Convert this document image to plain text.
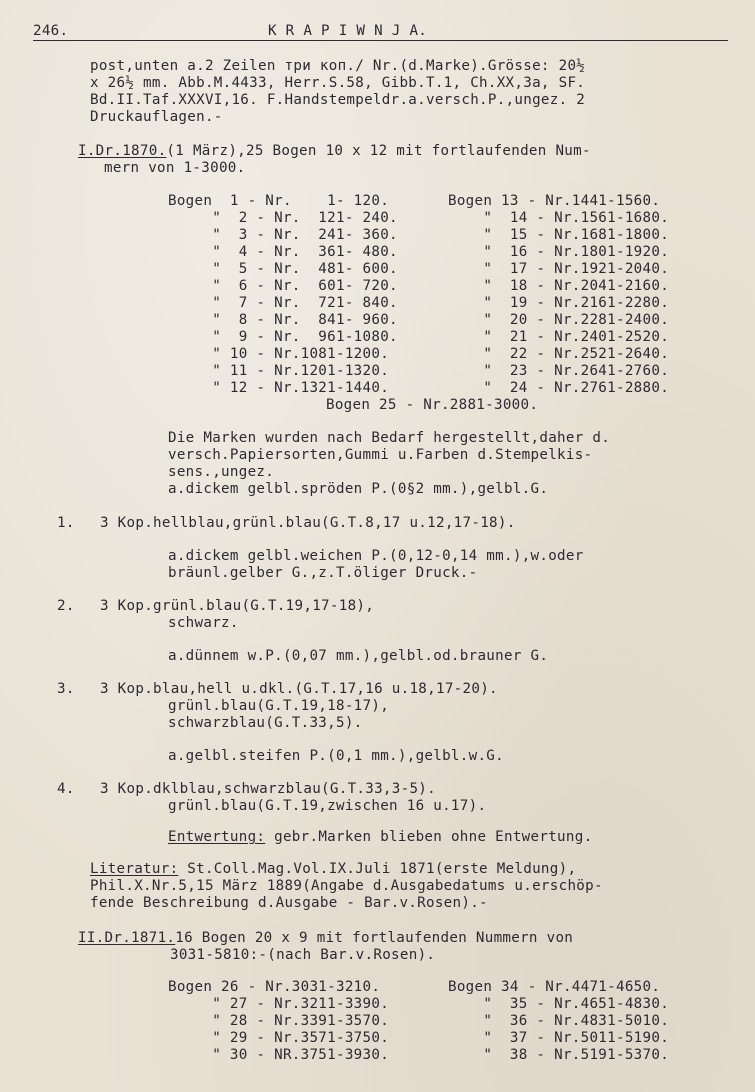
246.	K R A P I W N J A.
post,unten a.2 Zeilen три коп./ Nr.(d.Marke).Grösse: 20½
x 26½ mm. Abb.M.4433, Herr.S.58, Gibb.T.1, Ch.XX,3a, SF.
Bd.II.Taf.XXXVI,16. F.Handstempeldr.a.versch.P.,ungez. 2
Druckauflagen.-
I.Dr.1870.(1 März),25 Bogen 10 x 12 mit fortlaufenden Num-
mern von 1-3000.
Bogen  1 - Nr.    1- 120.	Bogen 13 - Nr.1441-1560.
"  2 - Nr.  121- 240.	"  14 - Nr.1561-1680.
"  3 - Nr.  241- 360.	"  15 - Nr.1681-1800.
"  4 - Nr.  361- 480.	"  16 - Nr.1801-1920.
"  5 - Nr.  481- 600.	"  17 - Nr.1921-2040.
"  6 - Nr.  601- 720.	"  18 - Nr.2041-2160.
"  7 - Nr.  721- 840.	"  19 - Nr.2161-2280.
"  8 - Nr.  841- 960.	"  20 - Nr.2281-2400.
"  9 - Nr.  961-1080.	"  21 - Nr.2401-2520.
" 10 - Nr.1081-1200.	"  22 - Nr.2521-2640.
" 11 - Nr.1201-1320.	"  23 - Nr.2641-2760.
" 12 - Nr.1321-1440.	"  24 - Nr.2761-2880.
Bogen 25 - Nr.2881-3000.
Die Marken wurden nach Bedarf hergestellt,daher d.
versch.Papiersorten,Gummi u.Farben d.Stempelkis-
sens.,ungez.
a.dickem gelbl.spröden P.(0§2 mm.),gelbl.G.
1. 3 Kop.hellblau,grünl.blau(G.T.8,17 u.12,17-18).
a.dickem gelbl.weichen P.(0,12-0,14 mm.),w.oder
bräunl.gelber G.,z.T.öliger Druck.-
2. 3 Kop.grünl.blau(G.T.19,17-18),
schwarz.
a.dünnem w.P.(0,07 mm.),gelbl.od.brauner G.
3. 3 Kop.blau,hell u.dkl.(G.T.17,16 u.18,17-20).
grünl.blau(G.T.19,18-17),
schwarzblau(G.T.33,5).
a.gelbl.steifen P.(0,1 mm.),gelbl.w.G.
4. 3 Kop.dklblau,schwarzblau(G.T.33,3-5).
grünl.blau(G.T.19,zwischen 16 u.17).
Entwertung: gebr.Marken blieben ohne Entwertung.
Literatur: St.Coll.Mag.Vol.IX.Juli 1871(erste Meldung),
Phil.X.Nr.5,15 März 1889(Angabe d.Ausgabedatums u.erschöp-
fende Beschreibung d.Ausgabe - Bar.v.Rosen).-
II.Dr.1871.16 Bogen 20 x 9 mit fortlaufenden Nummern von
3031-5810:-(nach Bar.v.Rosen).
Bogen 26 - Nr.3031-3210.	Bogen 34 - Nr.4471-4650.
" 27 - Nr.3211-3390.	"  35 - Nr.4651-4830.
" 28 - Nr.3391-3570.	"  36 - Nr.4831-5010.
" 29 - Nr.3571-3750.	"  37 - Nr.5011-5190.
" 30 - NR.3751-3930.	"  38 - Nr.5191-5370.
